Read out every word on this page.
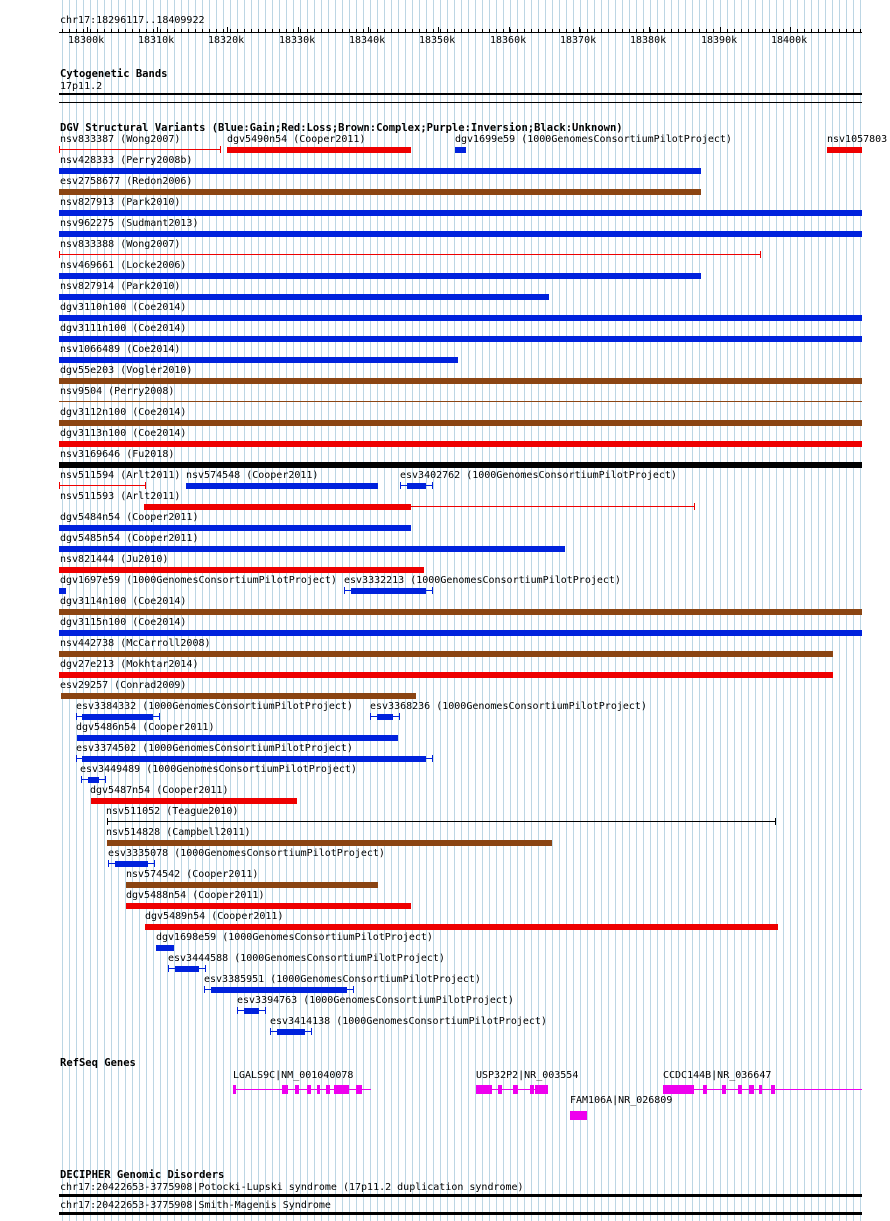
chr17:18296117..18409922
18300k	18310k	18320k	18330k	18340k	18350k	18360k	18370k	18380k	18390k	18400k
Cytogenetic Bands
17p11.2
DGV Structural Variants (Blue:Gain;Red:Loss;Brown:Complex;Purple:Inversion;Black:Unknown)
nsv833387 (Wong2007)	dgv5490n54 (Cooper2011)	dgv1699e59 (1000GenomesConsortiumPilotProject)	nsv1057803
nsv428333 (Perry2008b)
esv2758677 (Redon2006)
nsv827913 (Park2010)
nsv962275 (Sudmant2013)
nsv833388 (Wong2007)
nsv469661 (Locke2006)
nsv827914 (Park2010)
dgv3110n100 (Coe2014)
dgv3111n100 (Coe2014)
nsv1066489 (Coe2014)
dgv55e203 (Vogler2010)
nsv9504 (Perry2008)
dgv3112n100 (Coe2014)
dgv3113n100 (Coe2014)
nsv3169646 (Fu2018)
nsv511594 (Arlt2011) nsv574548 (Cooper2011)	esv3402762 (1000GenomesConsortiumPilotProject)
nsv511593 (Arlt2011)
dgv5484n54 (Cooper2011)
dgv5485n54 (Cooper2011)
nsv821444 (Ju2010)
dgv1697e59 (1000GenomesConsortiumPilotProject) esv3332213 (1000GenomesConsortiumPilotProject)
dgv3114n100 (Coe2014)
dgv3115n100 (Coe2014)
nsv442738 (McCarroll2008)
dgv27e213 (Mokhtar2014)
esv29257 (Conrad2009)
esv3384332 (1000GenomesConsortiumPilotProject) esv3368236 (1000GenomesConsortiumPilotProject)
dgv5486n54 (Cooper2011)
esv3374502 (1000GenomesConsortiumPilotProject)
esv3449489 (1000GenomesConsortiumPilotProject)
dgv5487n54 (Cooper2011)
nsv511052 (Teague2010)
nsv514828 (Campbell2011)
esv3335078 (1000GenomesConsortiumPilotProject)
nsv574542 (Cooper2011)
dgv5488n54 (Cooper2011)
dgv5489n54 (Cooper2011)
dgv1698e59 (1000GenomesConsortiumPilotProject)
esv3444588 (1000GenomesConsortiumPilotProject)
esv3385951 (1000GenomesConsortiumPilotProject)
esv3394763 (1000GenomesConsortiumPilotProject)
esv3414138 (1000GenomesConsortiumPilotProject)
RefSeq Genes
LGALS9C|NM_001040078	USP32P2|NR_003554	CCDC144B|NR_036647
FAM106A|NR_026809
DECIPHER Genomic Disorders
chr17:20422653-3775908|Potocki-Lupski syndrome (17p11.2 duplication syndrome)
chr17:20422653-3775908|Smith-Magenis Syndrome
